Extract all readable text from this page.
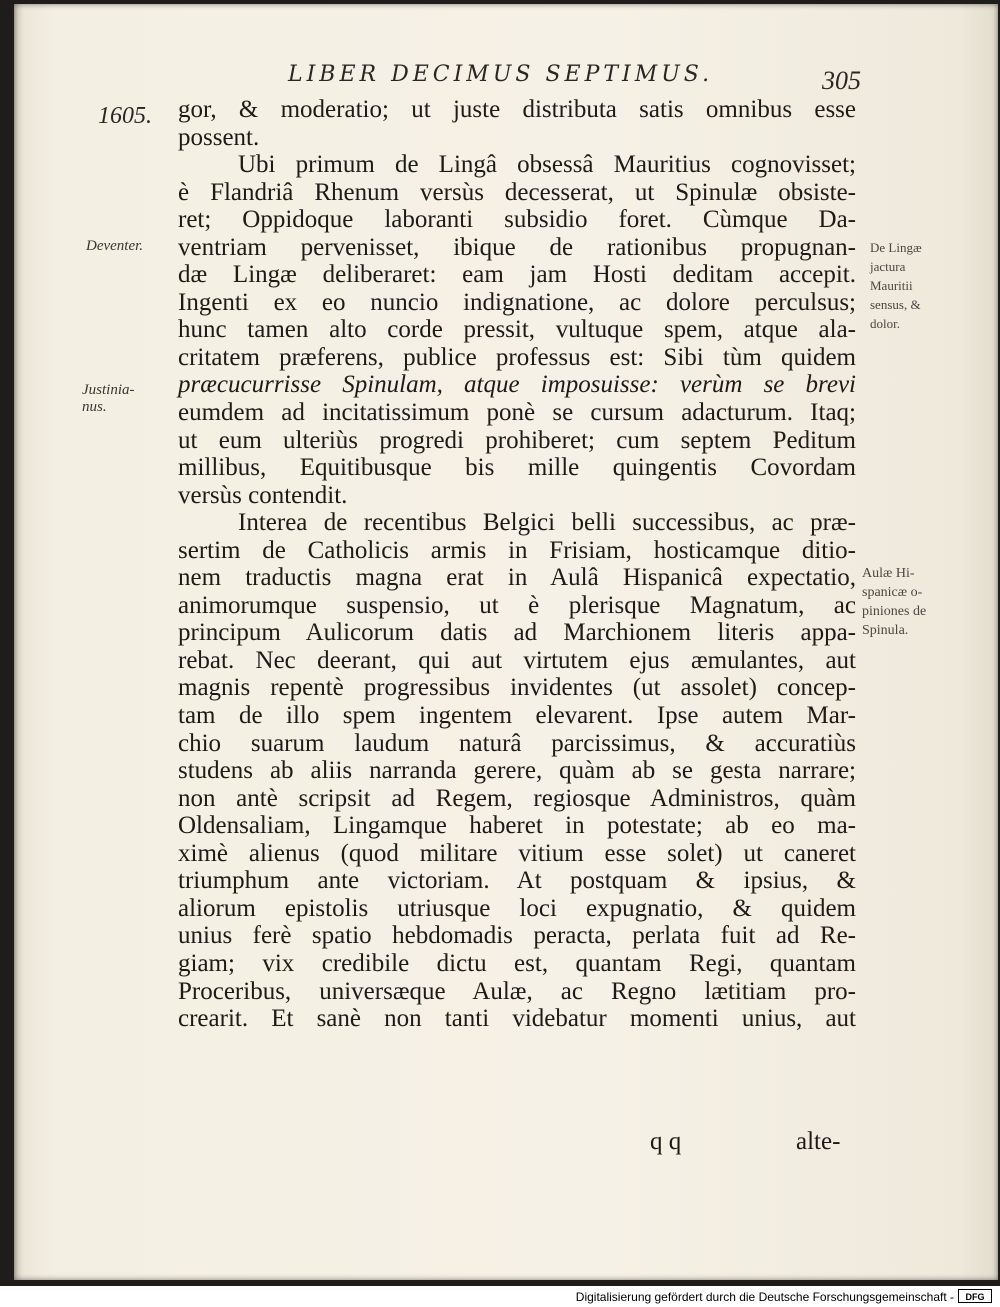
LIBER DECIMUS SEPTIMUS.	305
1605. gor, & moderatio; ut juste distributa satis omnibus esse
possent.
Ubi primum de Lingâ obsessâ Mauritius cognovisset;
è Flandriâ Rhenum versùs decesserat, ut Spinulæ obsiste-
ret; Oppidoque laboranti subsidio foret. Cùmque Da-
ventriam pervenisset, ibique de rationibus propugnan-
dæ Lingæ deliberaret: eam jam Hosti deditam accepit.
Ingenti ex eo nuncio indignatione, ac dolore perculsus;
hunc tamen alto corde pressit, vultuque spem, atque ala-
critatem præferens, publice professus est: Sibi tùm quidem
præcucurrisse Spinulam, atque imposuisse: verùm se brevi
eumdem ad incitatissimum ponè se cursum adacturum. Itaq;
ut eum ulteriùs progredi prohiberet; cum septem Peditum
millibus, Equitibusque bis mille quingentis Covordam
versùs contendit.
Interea de recentibus Belgici belli successibus, ac præ-
sertim de Catholicis armis in Frisiam, hosticamque ditio-
nem traductis magna erat in Aulâ Hispanicâ expectatio,
animorumque suspensio, ut è plerisque Magnatum, ac
principum Aulicorum datis ad Marchionem literis appa-
rebat. Nec deerant, qui aut virtutem ejus æmulantes, aut
magnis repentè progressibus invidentes (ut assolet) concep-
tam de illo spem ingentem elevarent. Ipse autem Mar-
chio suarum laudum naturâ parcissimus, & accuratiùs
studens ab aliis narranda gerere, quàm ab se gesta narrare;
non antè scripsit ad Regem, regiosque Administros, quàm
Oldensaliam, Lingamque haberet in potestate; ab eo ma-
ximè alienus (quod militare vitium esse solet) ut caneret
triumphum ante victoriam. At postquam & ipsius, &
aliorum epistolis utriusque loci expugnatio, & quidem
unius ferè spatio hebdomadis peracta, perlata fuit ad Re-
giam; vix credibile dictu est, quantam Regi, quantam
Proceribus, universæque Aulæ, ac Regno lætitiam pro-
crearit. Et sanè non tanti videbatur momenti unius, aut
Deventer.
Justinia-
nus.
De Lingæ
jactura
Mauritii
sensus, &
dolor.
Aulæ Hi-
spanicæ o-
piniones de
Spinula.
q q	alte-
Digitalisierung gefördert durch die Deutsche Forschungsgemeinschaft -	DFG
